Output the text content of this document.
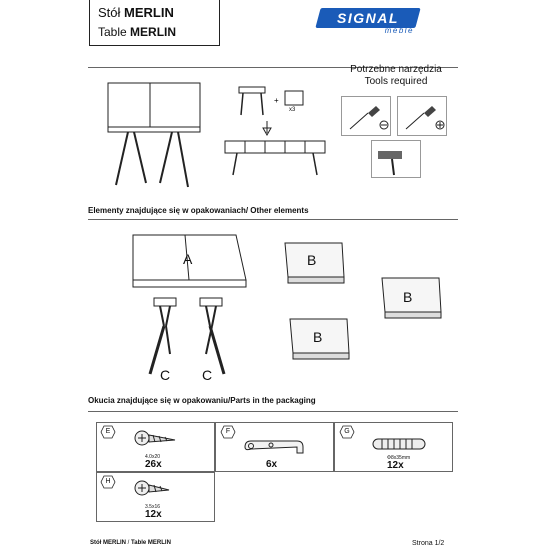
Stół MERLIN
Table MERLIN
SIGNAL
meble
+
x3
Potrzebne narzędzia
Tools required
Elementy znajdujące się w opakowaniach/ Other elements
A	B
B
B
C C
Okucia znajdujące się w opakowaniu/Parts in the packaging
E
4.0x20
26x
F
6x
G
Φ8x35mm
12x
H
3.5x16
12x
Stół MERLIN / Table MERLIN	Strona 1/2
